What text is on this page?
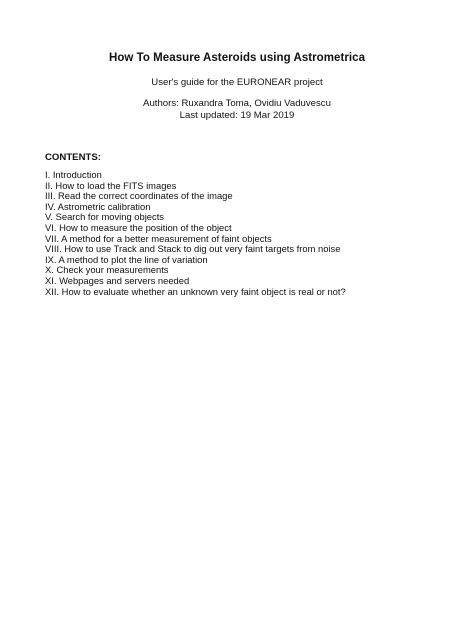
How To Measure Asteroids using Astrometrica
User's guide for the EURONEAR project
Authors: Ruxandra Toma, Ovidiu Vaduvescu
Last updated: 19 Mar 2019
CONTENTS:
I. Introduction
II. How to load the FITS images
III. Read the correct coordinates of the image
IV. Astrometric calibration
V. Search for moving objects
VI. How to measure the position of the object
VII. A method for a better measurement of faint objects
VIII. How to use Track and Stack to dig out very faint targets from noise
IX. A method to plot the line of variation
X. Check your measurements
XI. Webpages and servers needed
XII. How to evaluate whether an unknown very faint object is real or not?
